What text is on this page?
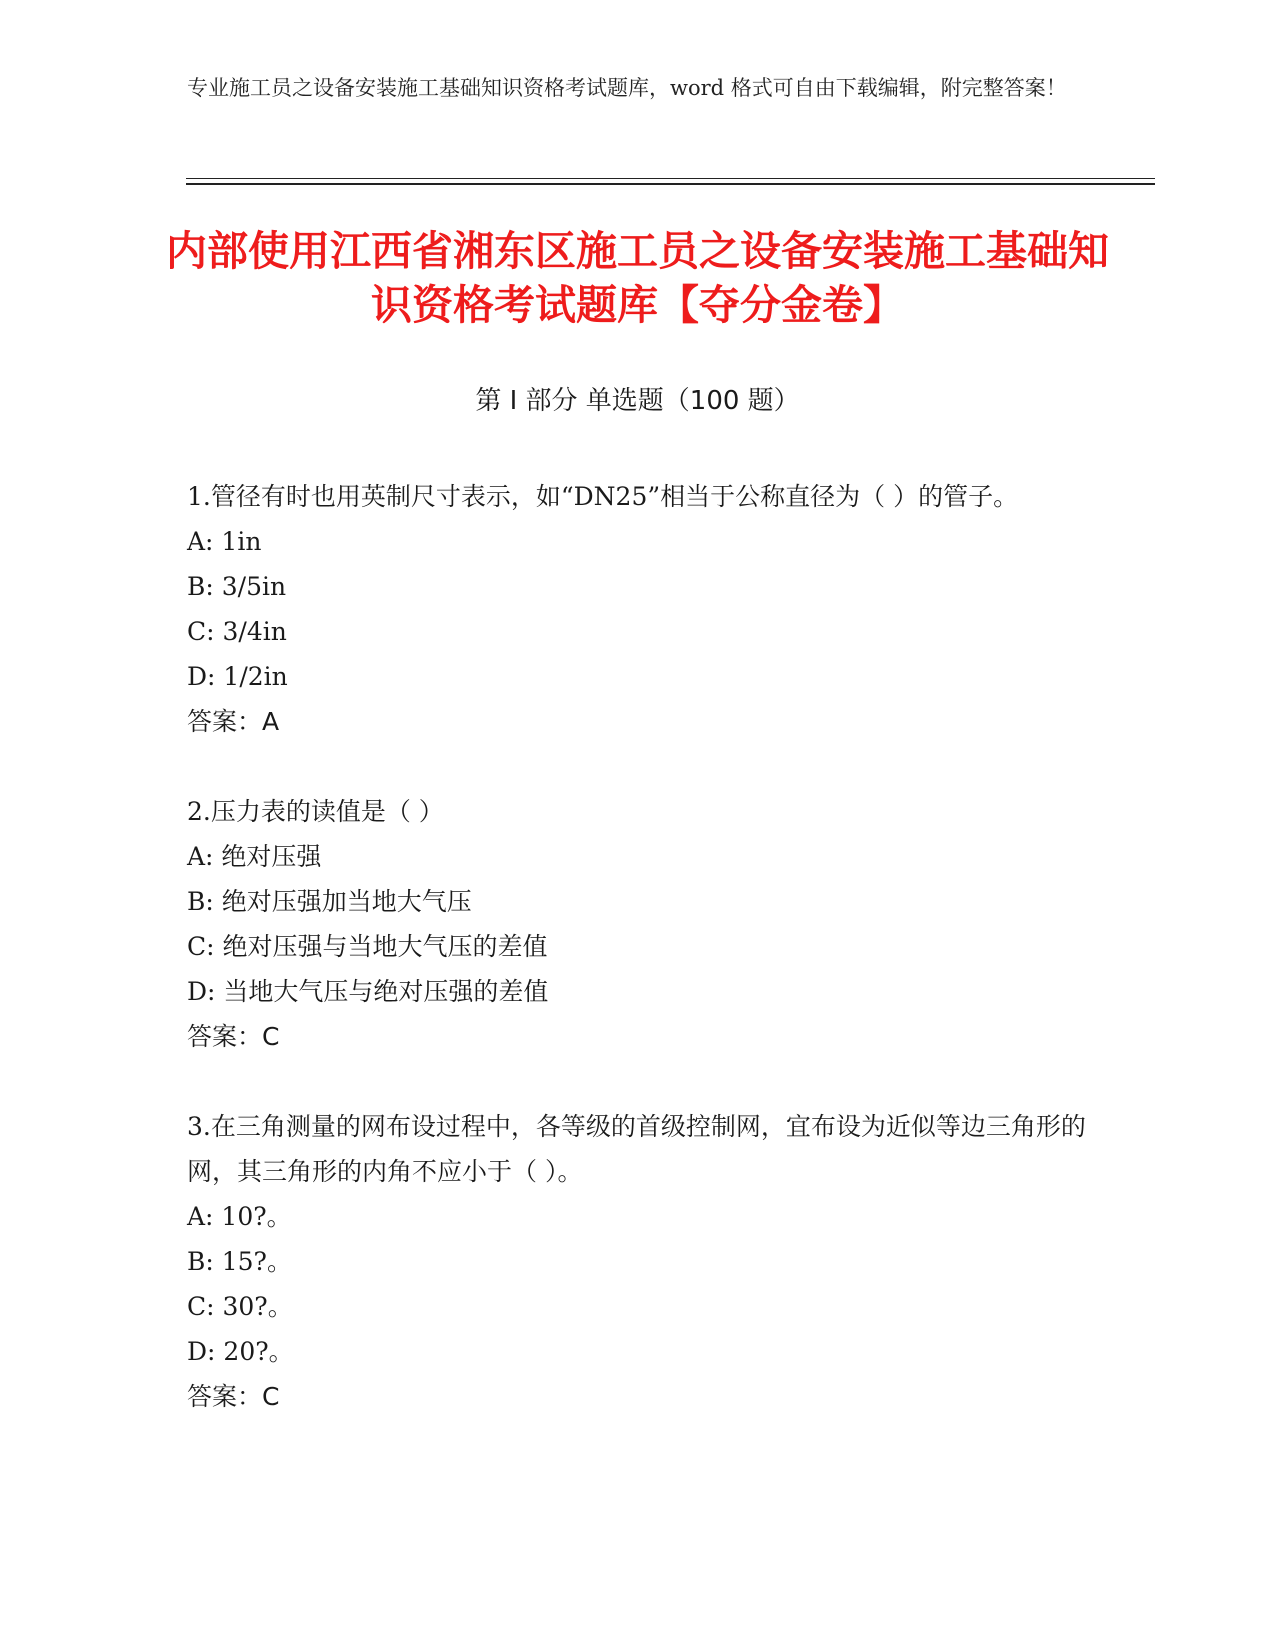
专业施工员之设备安装施工基础知识资格考试题库，word 格式可自由下载编辑，附完整答案！
内部使用江西省湘东区施工员之设备安装施工基础知识资格考试题库【夺分金卷】
第 I 部分 单选题（100 题）

1.管径有时也用英制尺寸表示，如“DN25”相当于公称直径为（ ）的管子。

A: 1in

B: 3/5in

C: 3/4in

D: 1/2in

答案：A

2.压力表的读值是（ ）

A: 绝对压强

B: 绝对压强加当地大气压

C: 绝对压强与当地大气压的差值

D: 当地大气压与绝对压强的差值

答案：C

3.在三角测量的网布设过程中，各等级的首级控制网，宜布设为近似等边三角形的网，其三角形的内角不应小于（ ）。

A: 10?。

B: 15?。

C: 30?。

D: 20?。

答案：C
